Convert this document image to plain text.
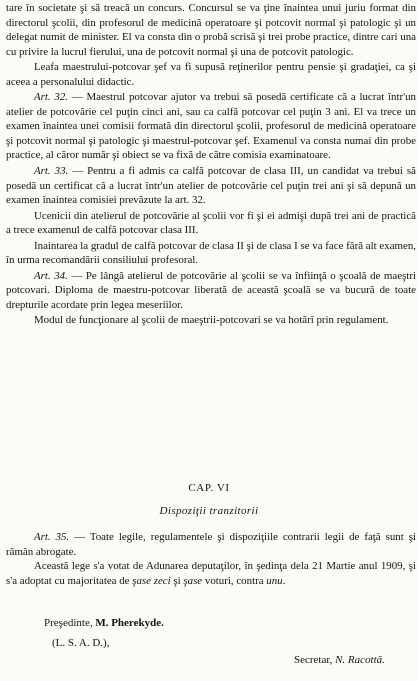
tare în societate şi să treacă un concurs. Concursul se va ţine înaintea unui juriu format din directorul şcolii, din profesorul de medicină operatoare şi potcovit normal şi patologic şi un delegat numit de minister. El va consta din o probă scrisă şi trei probe practice, dintre cari una cu privire la lucrul fierului, una de potcovit normal şi una de potcovit patologic.

Leafa maestrului-potcovar şef va fi supusă reţinerilor pentru pensie şi gradaţiei, ca şi aceea a personalului didactic.

Art. 32. — Maestrul potcovar ajutor va trebui să posedă certificate că a lucrat într'un atelier de potcovărie cel puţin cinci ani, sau ca calfă potcovar cel puţin 3 ani. El va trece un examen înaintea unei comisii formată din directorul şcolii, profesorul de medicină operatoare şi potcovit normal şi patologic şi maestrul-potcovar şef. Examenul va consta numai din probe practice, al căror număr şi obiect se va fixă de către comisia examinatoare.

Art. 33. — Pentru a fi admis ca calfă potcovar de clasa III, un candidat va trebui să posedă un certificat că a lucrat într'un atelier de potcovărie cel puţin trei ani şi să depună un examen înaintea comisiei prevăzute la art. 32.

Ucenicii din atelierul de potcovărie al şcolii vor fi şi ei admişi după trei ani de practică a trece examenul de calfă potcovar clasa III.

Inaintarea la gradul de calfă potcovar de clasa II şi de clasa I se va face fără alt examen, în urma recomandării consiliului profesoral.

Art. 34. — Pe lângă atelierul de potcovărie al şcolii se va înfiinţă o şcoală de maeştri potcovari. Diploma de maestru-potcovar liberată de această şcoală se va bucură de toate drepturile acordate prin legea meseriilor.

Modul de funcţionare al şcolii de maeştrii-potcovari se va hotărî prin regulament.

CAP. VI
Dispoziţii tranzitorii

Art. 35. — Toate legile, regulamentele şi dispoziţiile contrarii legii de faţă sunt şi rămân abrogate.

Această lege s'a votat de Adunarea deputaţilor, în şedinţa dela 21 Martie anul 1909, şi s'a adoptat cu majoritatea de şase zeci şi şase voturi, contra unu.

Preşedinte, M. Pherekyde.
(L. S. A. D.),
Secretar, N. Racottă.
